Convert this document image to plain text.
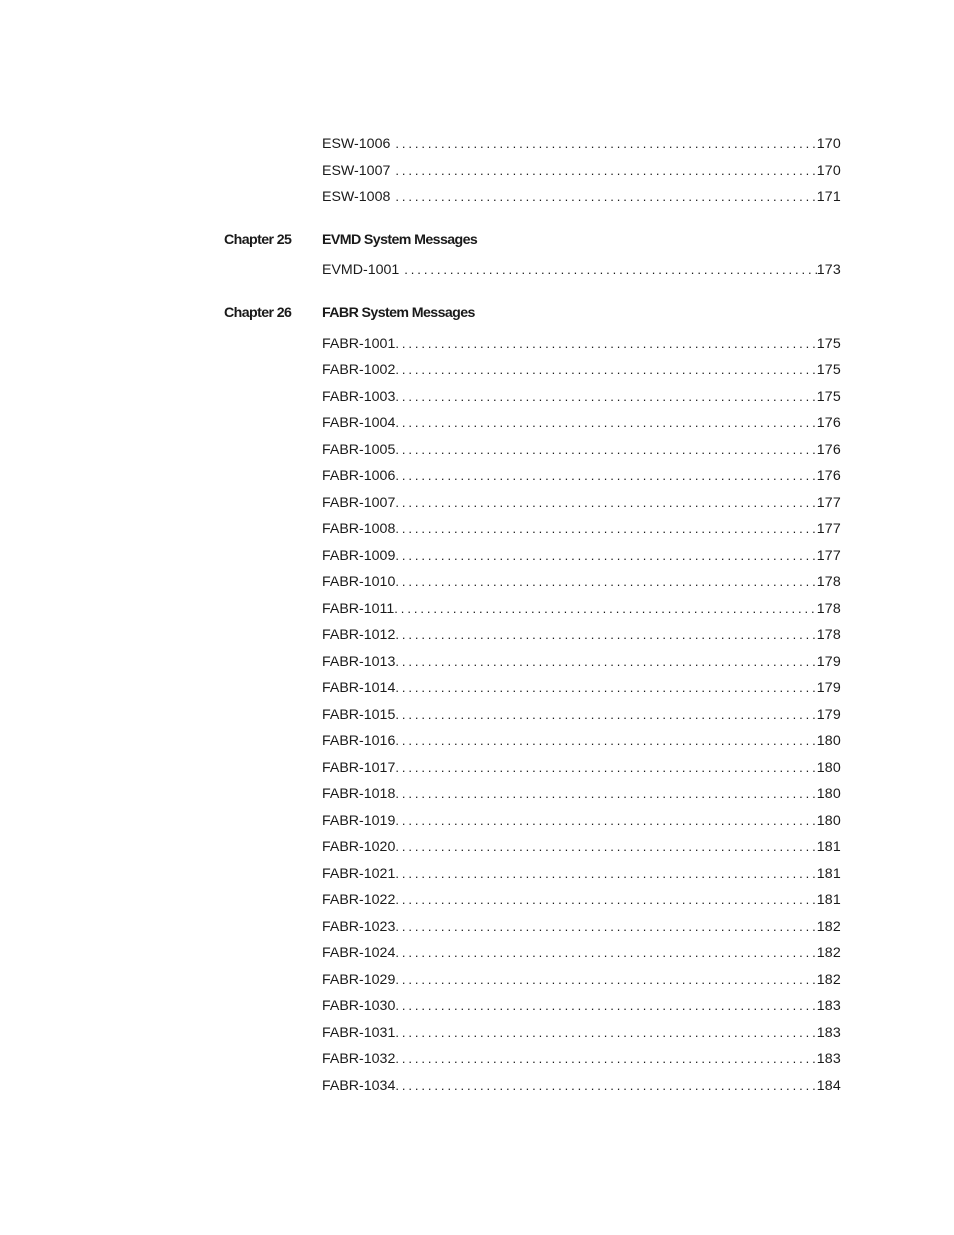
ESW-1006 .....	170
ESW-1007 .....	170
ESW-1008 .....	171
Chapter 25	EVMD System Messages
EVMD-1001 .....	173
Chapter 26	FABR System Messages
FABR-1001 .....	175
FABR-1002 .....	175
FABR-1003 .....	175
FABR-1004 .....	176
FABR-1005 .....	176
FABR-1006 .....	176
FABR-1007 .....	177
FABR-1008 .....	177
FABR-1009 .....	177
FABR-1010 .....	178
FABR-1011 .....	178
FABR-1012 .....	178
FABR-1013 .....	179
FABR-1014 .....	179
FABR-1015 .....	179
FABR-1016 .....	180
FABR-1017 .....	180
FABR-1018 .....	180
FABR-1019 .....	180
FABR-1020 .....	181
FABR-1021 .....	181
FABR-1022 .....	181
FABR-1023 .....	182
FABR-1024 .....	182
FABR-1029 .....	182
FABR-1030 .....	183
FABR-1031 .....	183
FABR-1032 .....	183
FABR-1034 .....	184
